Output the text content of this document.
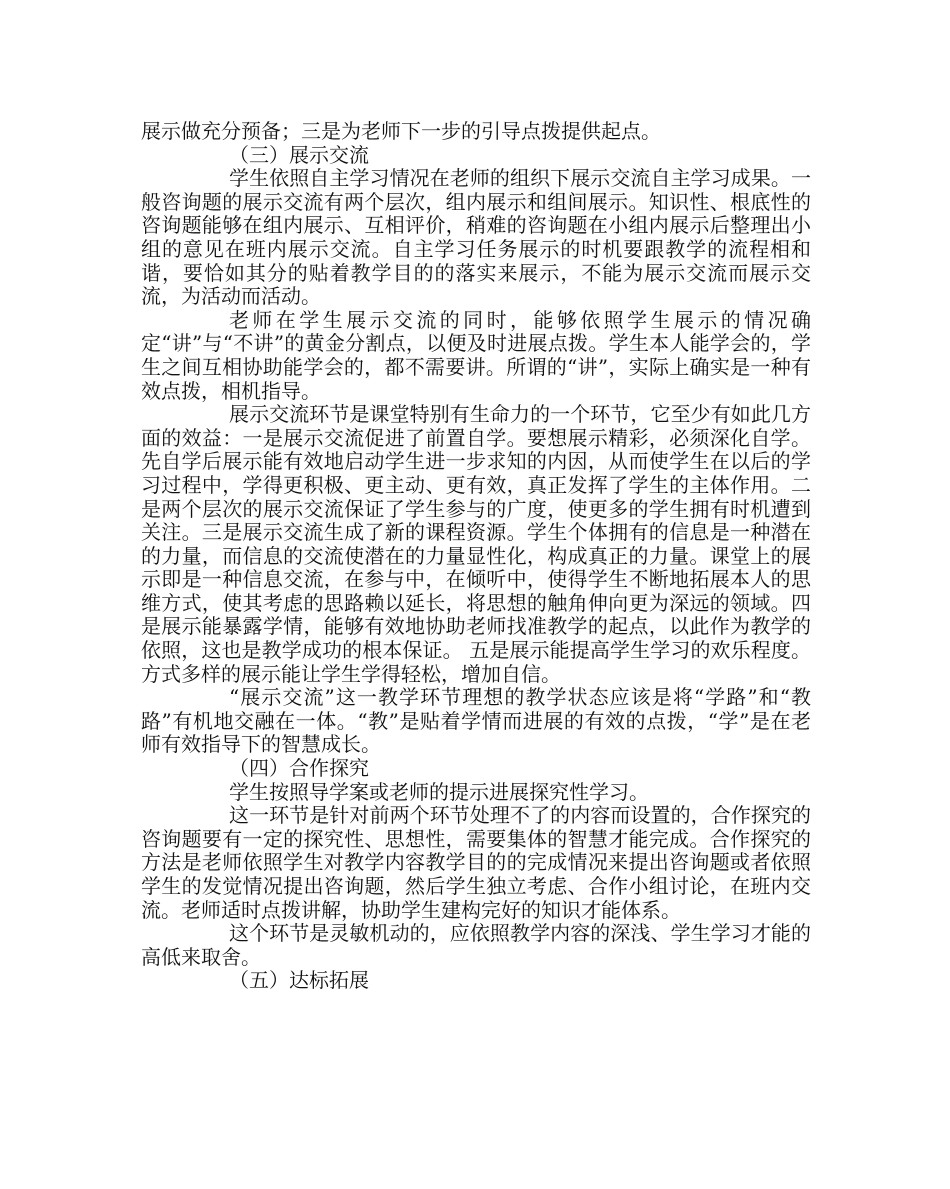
展示做充分预备；三是为老师下一步的引导点拨提供起点。

（三）展示交流

学生依照自主学习情况在老师的组织下展示交流自主学习成果。一般咨询题的展示交流有两个层次，组内展示和组间展示。知识性、根底性的咨询题能够在组内展示、互相评价，稍难的咨询题在小组内展示后整理出小组的意见在班内展示交流。自主学习任务展示的时机要跟教学的流程相和谐，要恰如其分的贴着教学目的的落实来展示，不能为展示交流而展示交流，为活动而活动。

老师在学生展示交流的同时，能够依照学生展示的情况确定“讲”与“不讲”的黄金分割点，以便及时进展点拨。学生本人能学会的，学生之间互相协助能学会的，都不需要讲。所谓的“讲”，实际上确实是一种有效点拨，相机指导。

展示交流环节是课堂特别有生命力的一个环节，它至少有如此几方面的效益：一是展示交流促进了前置自学。要想展示精彩，必须深化自学。先自学后展示能有效地启动学生进一步求知的内因，从而使学生在以后的学习过程中，学得更积极、更主动、更有效，真正发挥了学生的主体作用。二是两个层次的展示交流保证了学生参与的广度，使更多的学生拥有时机遭到关注。三是展示交流生成了新的课程资源。学生个体拥有的信息是一种潜在的力量，而信息的交流使潜在的力量显性化，构成真正的力量。课堂上的展示即是一种信息交流，在参与中，在倾听中，使得学生不断地拓展本人的思维方式，使其考虑的思路赖以延长，将思想的触角伸向更为深远的领域。四是展示能暴露学情，能够有效地协助老师找准教学的起点，以此作为教学的依照，这也是教学成功的根本保证。 五是展示能提高学生学习的欢乐程度。方式多样的展示能让学生学得轻松，增加自信。

“展示交流”这一教学环节理想的教学状态应该是将“学路”和“教路”有机地交融在一体。“教”是贴着学情而进展的有效的点拨，“学”是在老师有效指导下的智慧成长。

（四）合作探究

学生按照导学案或老师的提示进展探究性学习。

这一环节是针对前两个环节处理不了的内容而设置的，合作探究的咨询题要有一定的探究性、思想性，需要集体的智慧才能完成。合作探究的方法是老师依照学生对教学内容教学目的的完成情况来提出咨询题或者依照学生的发觉情况提出咨询题，然后学生独立考虑、合作小组讨论，在班内交流。老师适时点拨讲解，协助学生建构完好的知识才能体系。

这个环节是灵敏机动的，应依照教学内容的深浅、学生学习才能的高低来取舍。

（五）达标拓展
